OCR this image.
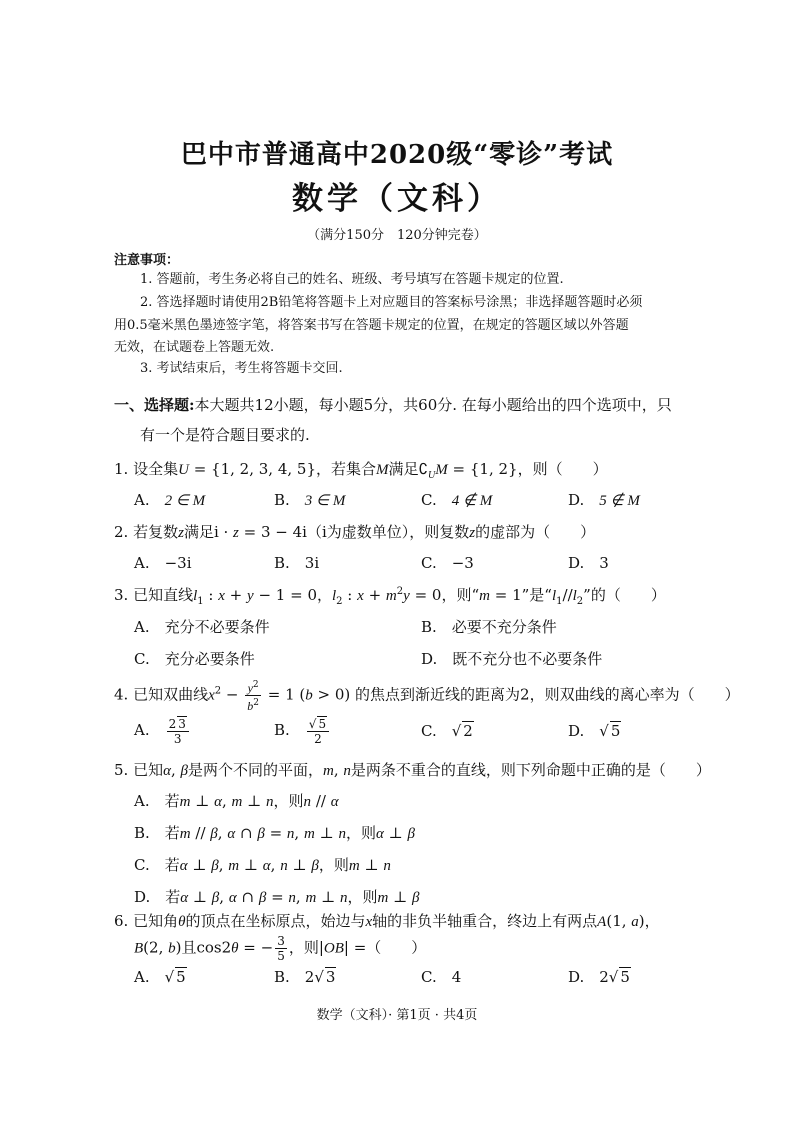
巴中市普通高中2020级“零诊”考试
数学（文科）
（满分150分　120分钟完卷）
注意事项：
1. 答题前，考生务必将自己的姓名、班级、考号填写在答题卡规定的位置.
2. 答选择题时请使用2B铅笔将答题卡上对应题目的答案标号涂黑；非选择题答题时必须
用0.5毫米黑色墨迹签字笔，将答案书写在答题卡规定的位置，在规定的答题区域以外答题
无效，在试题卷上答题无效.
3. 考试结束后，考生将答题卡交回.
一、选择题:本大题共12小题，每小题5分，共60分. 在每小题给出的四个选项中，只
有一个是符合题目要求的.
1. 设全集U = {1, 2, 3, 4, 5}，若集合M满足$∁_UM = \{1$, 2}，则（　　）
A.　2 ∈ M	B.　3 ∈ M	C.　4 ∉ M	D.　5 ∉ M
2. 若复数z满足i · z = 3 − 4i（i为虚数单位），则复数z的虚部为（　　）
A.　−3i	B.　3i	C.　−3	D.　3
3. 已知直线$l_1$ : x + y − 1 = 0，$l_2$ : $x + m^2y = 0$，则“m = 1”是“$l_1//l_2$”的（　　）
A.　充分不必要条件	B.　必要不充分条件
C.　充分必要条件	D.　既不充分也不必要条件
4. 已知双曲线$x^2 - \frac{y^2}{b^2} = 1$ (b > 0) 的焦点到渐近线的距离为2，则双曲线的离心率为（　　）
A.　 $\frac{2 3}{3}$	B.　 $\frac{√ 5}{2}$	C.　√ 2	D.　√ 5
5. 已知α, β是两个不同的平面，m, n是两条不重合的直线，则下列命题中正确的是（　　）
A.　若m ⊥ α, m ⊥ n，则n // α
B.　若m // β, α ∩ β = n, m ⊥ n，则α ⊥ β
C.　若α ⊥ β, m ⊥ α, n ⊥ β，则m ⊥ n
D.　若α ⊥ β, α ∩ β = n, m ⊥ n，则m ⊥ β
6. 已知角θ的顶点在坐标原点，始边与x轴的非负半轴重合，终边上有两点A(1, a)，
B(2, b)且cos2θ = − $\frac{3}{5}$ ，则|OB| =（　　）
A.　√ 5	B.　2√ 3	C.　4	D.　2√ 5
数学（文科）· 第1页 · 共4页
